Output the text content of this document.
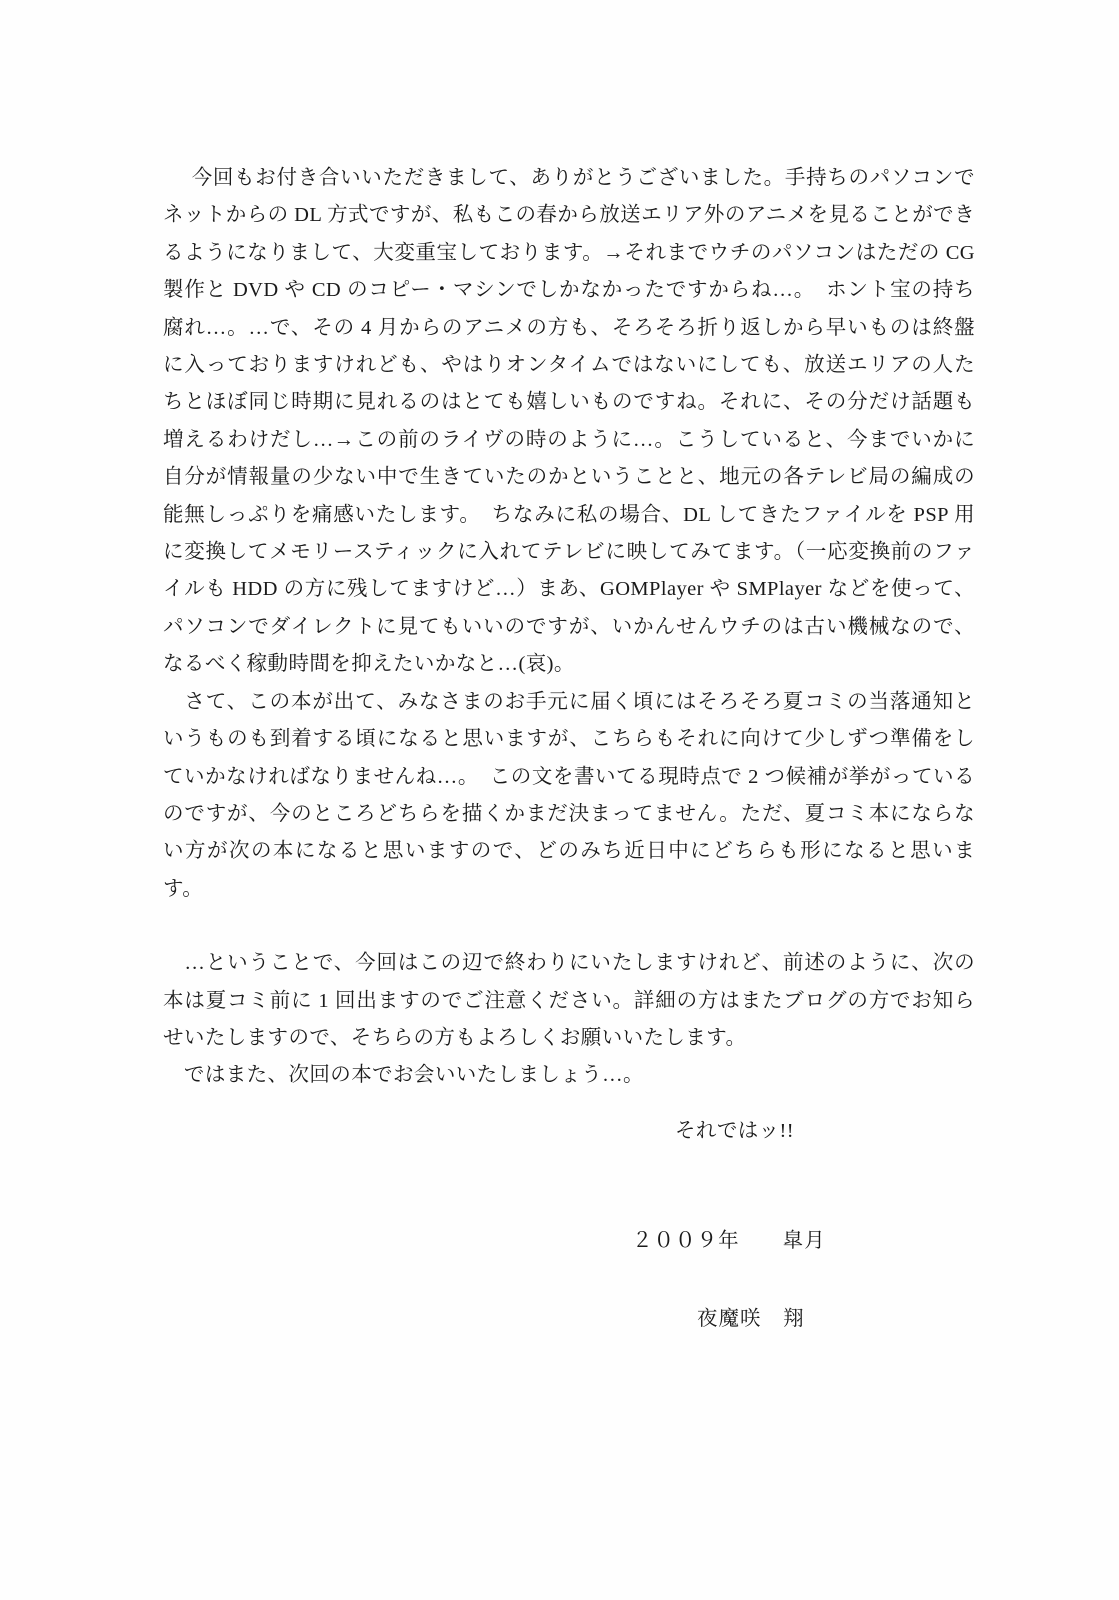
今回もお付き合いいただきまして、ありがとうございました。手持ちのパソコンでネットからの DL 方式ですが、私もこの春から放送エリア外のアニメを見ることができるようになりまして、大変重宝しております。→それまでウチのパソコンはただの CG 製作と DVD や CD のコピー・マシンでしかなかったですからね…。　ホント宝の持ち腐れ…。…で、その 4 月からのアニメの方も、そろそろ折り返しから早いものは終盤に入っておりますけれども、やはりオンタイムではないにしても、放送エリアの人たちとほぼ同じ時期に見れるのはとても嬉しいものですね。それに、その分だけ話題も増えるわけだし…→この前のライヴの時のように…。こうしていると、今までいかに自分が情報量の少ない中で生きていたのかということと、地元の各テレビ局の編成の能無しっぷりを痛感いたします。　ちなみに私の場合、DL してきたファイルを PSP 用に変換してメモリースティックに入れてテレビに映してみてます。（一応変換前のファイルも HDD の方に残してますけど…）まあ、GOMPlayer や SMPlayer などを使って、パソコンでダイレクトに見てもいいのですが、いかんせんウチのは古い機械なので、なるべく稼動時間を抑えたいかなと…(哀)。

　さて、この本が出て、みなさまのお手元に届く頃にはそろそろ夏コミの当落通知というものも到着する頃になると思いますが、こちらもそれに向けて少しずつ準備をしていかなければなりませんね…。　この文を書いてる現時点で 2 つ候補が挙がっているのですが、今のところどちらを描くかまだ決まってません。ただ、夏コミ本にならない方が次の本になると思いますので、どのみち近日中にどちらも形になると思います。

　…ということで、今回はこの辺で終わりにいたしますけれど、前述のように、次の本は夏コミ前に 1 回出ますのでご注意ください。詳細の方はまたブログの方でお知らせいたしますので、そちらの方もよろしくお願いいたします。

　ではまた、次回の本でお会いいたしましょう…。

それではッ!!
２００９年　　皐月
夜魔咲　翔
